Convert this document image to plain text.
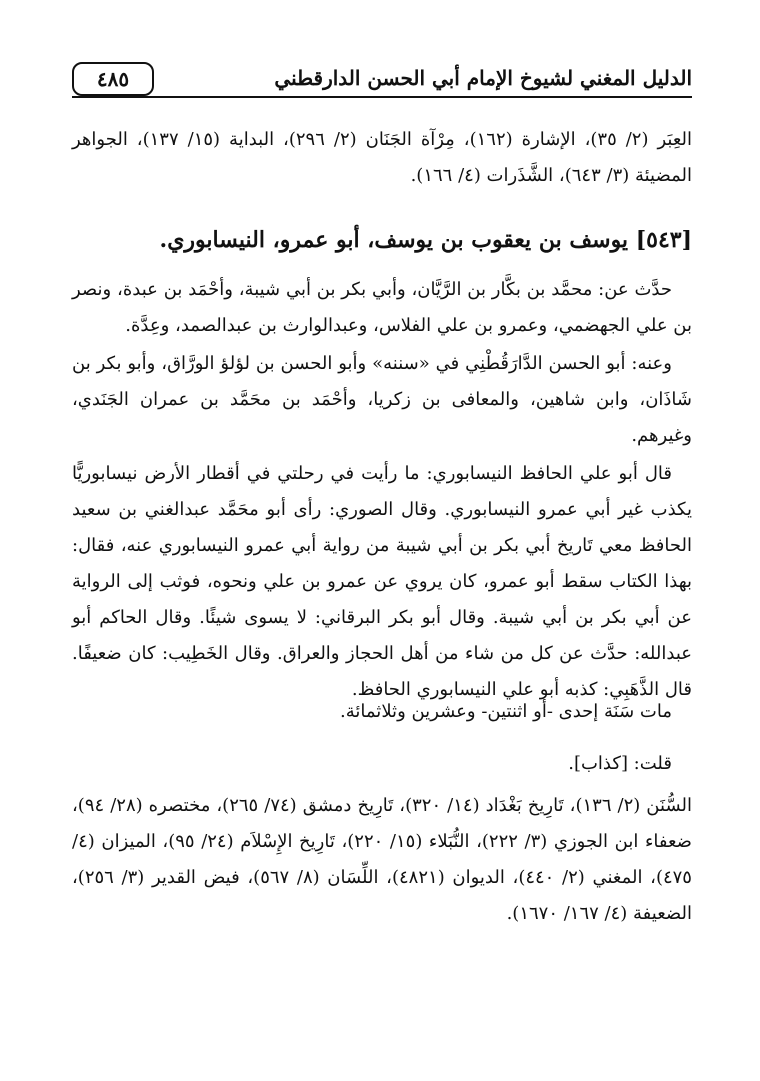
٤٨٥	الدليل المغني لشيوخ الإمام أبي الحسن الدارقطني
العِبَر (٢/ ٣٥)، الإشارة (١٦٢)، مِرْآة الجَنَان (٢/ ٢٩٦)، البداية (١٥/ ١٣٧)، الجواهر المضيئة (٣/ ٦٤٣)، الشَّذَرات (٤/ ١٦٦).
[٥٤٣] يوسف بن يعقوب بن يوسف، أبو عمرو، النيسابوري.

حدَّث عن: محمَّد بن بكَّار بن الرَّيَّان، وأبي بكر بن أبي شيبة، وأحْمَد بن عبدة، ونصر بن علي الجهضمي، وعمرو بن علي الفلاس، وعبدالوارث بن عبدالصمد، وعِدَّة.

وعنه: أبو الحسن الدَّارَقُطْنِي في «سننه» وأبو الحسن بن لؤلؤ الورَّاق، وأبو بكر بن شَاذَان، وابن شاهين، والمعافى بن زكريا، وأحْمَد بن محَمَّد بن عمران الجَنَدي، وغيرهم.

قال أبو علي الحافظ النيسابوري: ما رأيت في رحلتي في أقطار الأرض نيسابوريًّا يكذب غير أبي عمرو النيسابوري. وقال الصوري: رأى أبو محَمَّد عبدالغني بن سعيد الحافظ معي تَاريخ أبي بكر بن أبي شيبة من رواية أبي عمرو النيسابوري عنه، فقال: بهذا الكتاب سقط أبو عمرو، كان يروي عن عمرو بن علي ونحوه، فوثب إلى الرواية عن أبي بكر بن أبي شيبة. وقال أبو بكر البرقاني: لا يسوى شيئًا. وقال الحاكم أبو عبدالله: حدَّث عن كل من شاء من أهل الحجاز والعراق. وقال الخَطِيب: كان ضعيفًا. قال الذَّهَبِي: كذبه أبو علي النيسابوري الحافظ.

مات سَنَة إحدى -أو اثنتين- وعشرين وثلاثمائة.
قلت: [كذاب].
السُّنَن (٢/ ١٣٦)، تَارِيخ بَغْدَاد (١٤/ ٣٢٠)، تَارِيخ دمشق (٧٤/ ٢٦٥)، مختصره (٢٨/ ٩٤)، ضعفاء ابن الجوزي (٣/ ٢٢٢)، النُّبَلاء (١٥/ ٢٢٠)، تَارِيخ الإِسْلاَم (٢٤/ ٩٥)، الميزان (٤/ ٤٧٥)، المغني (٢/ ٤٤٠)، الديوان (٤٨٢١)، اللِّسَان (٨/ ٥٦٧)، فيض القدير (٣/ ٢٥٦)، الضعيفة (٤/ ١٦٧/ ١٦٧٠).
